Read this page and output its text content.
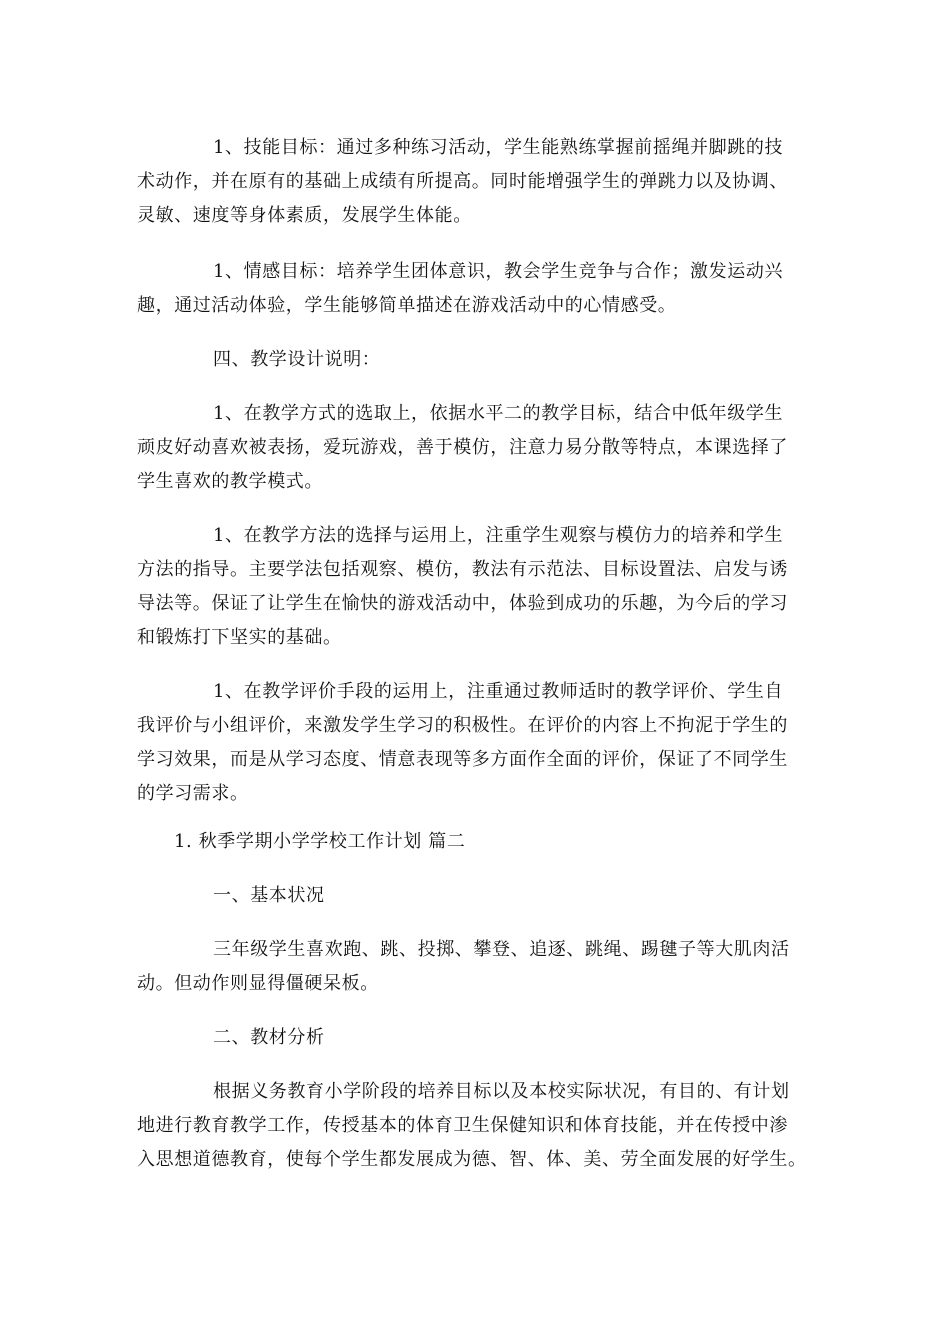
1、技能目标：通过多种练习活动，学生能熟练掌握前摇绳并脚跳的技
术动作，并在原有的基础上成绩有所提高。同时能增强学生的弹跳力以及协调、
灵敏、速度等身体素质，发展学生体能。
1、情感目标：培养学生团体意识，教会学生竞争与合作；激发运动兴
趣，通过活动体验，学生能够简单描述在游戏活动中的心情感受。
四、教学设计说明：
1、在教学方式的选取上，依据水平二的教学目标，结合中低年级学生
顽皮好动喜欢被表扬，爱玩游戏，善于模仿，注意力易分散等特点，本课选择了
学生喜欢的教学模式。
1、在教学方法的选择与运用上，注重学生观察与模仿力的培养和学生
方法的指导。主要学法包括观察、模仿，教法有示范法、目标设置法、启发与诱
导法等。保证了让学生在愉快的游戏活动中，体验到成功的乐趣，为今后的学习
和锻炼打下坚实的基础。
1、在教学评价手段的运用上，注重通过教师适时的教学评价、学生自
我评价与小组评价，来激发学生学习的积极性。在评价的内容上不拘泥于学生的
学习效果，而是从学习态度、情意表现等多方面作全面的评价，保证了不同学生
的学习需求。
1. 秋季学期小学学校工作计划 篇二
一、基本状况
三年级学生喜欢跑、跳、投掷、攀登、追逐、跳绳、踢毽子等大肌肉活
动。但动作则显得僵硬呆板。
二、教材分析
根据义务教育小学阶段的培养目标以及本校实际状况，有目的、有计划
地进行教育教学工作，传授基本的体育卫生保健知识和体育技能，并在传授中渗
入思想道德教育，使每个学生都发展成为德、智、体、美、劳全面发展的好学生。
